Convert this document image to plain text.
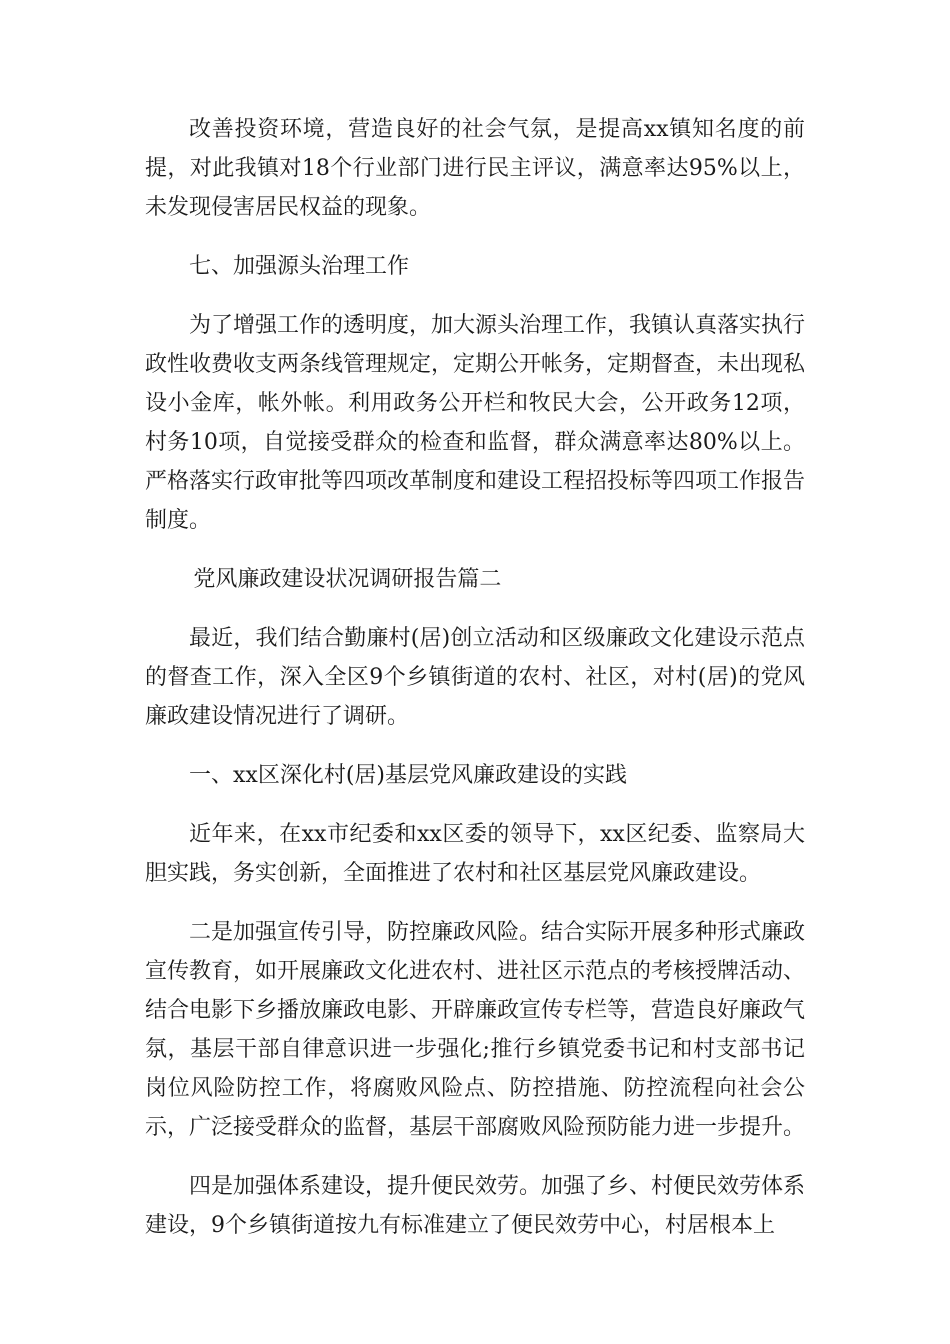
改善投资环境，营造良好的社会气氛，是提高xx镇知名度的前提，对此我镇对18个行业部门进行民主评议，满意率达95%以上，未发现侵害居民权益的现象。

七、加强源头治理工作

为了增强工作的透明度，加大源头治理工作，我镇认真落实执行政性收费收支两条线管理规定，定期公开帐务，定期督查，未出现私设小金库，帐外帐。利用政务公开栏和牧民大会，公开政务12项，村务10项，自觉接受群众的检查和监督，群众满意率达80%以上。严格落实行政审批等四项改革制度和建设工程招投标等四项工作报告制度。

党风廉政建设状况调研报告篇二

最近，我们结合勤廉村(居)创立活动和区级廉政文化建设示范点的督查工作，深入全区9个乡镇街道的农村、社区，对村(居)的党风廉政建设情况进行了调研。

一、xx区深化村(居)基层党风廉政建设的实践

近年来，在xx市纪委和xx区委的领导下，xx区纪委、监察局大胆实践，务实创新，全面推进了农村和社区基层党风廉政建设。

二是加强宣传引导，防控廉政风险。结合实际开展多种形式廉政宣传教育，如开展廉政文化进农村、进社区示范点的考核授牌活动、结合电影下乡播放廉政电影、开辟廉政宣传专栏等，营造良好廉政气氛，基层干部自律意识进一步强化;推行乡镇党委书记和村支部书记岗位风险防控工作，将腐败风险点、防控措施、防控流程向社会公示，广泛接受群众的监督，基层干部腐败风险预防能力进一步提升。

四是加强体系建设，提升便民效劳。加强了乡、村便民效劳体系建设，9个乡镇街道按九有标准建立了便民效劳中心，村居根本上
